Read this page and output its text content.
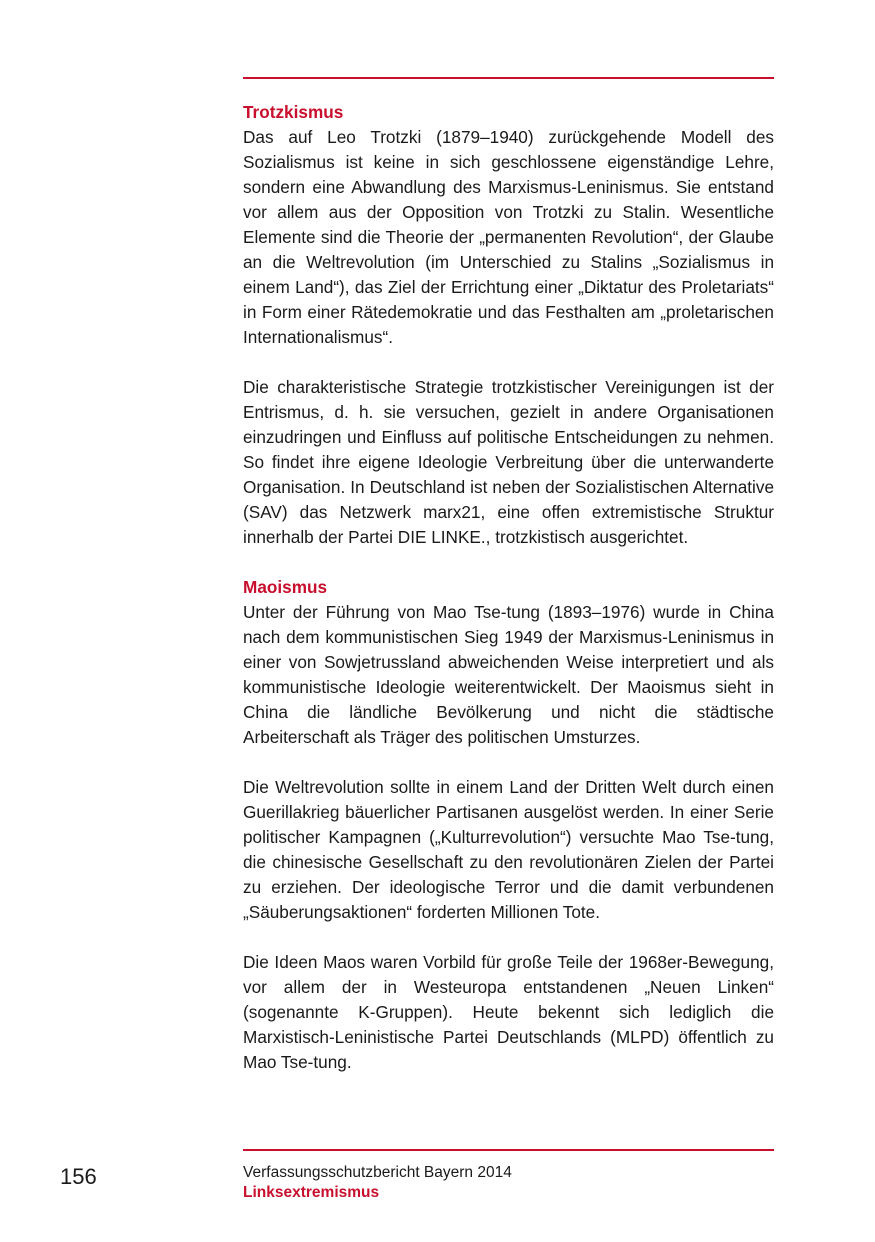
Trotzkismus

Das auf Leo Trotzki (1879–1940) zurückgehende Modell des Sozialismus ist keine in sich geschlossene eigenständige Lehre, sondern eine Abwandlung des Marxismus-Leninismus. Sie entstand vor allem aus der Opposition von Trotzki zu Stalin. Wesentliche Elemente sind die Theorie der „permanenten Revolution“, der Glaube an die Weltrevolution (im Unterschied zu Stalins „Sozialismus in einem Land“), das Ziel der Errichtung einer „Diktatur des Proletariats“ in Form einer Rätedemokratie und das Festhalten am „proletarischen Internationalismus“.

Die charakteristische Strategie trotzkistischer Vereinigungen ist der Entrismus, d. h. sie versuchen, gezielt in andere Organisationen einzudringen und Einfluss auf politische Entscheidungen zu nehmen. So findet ihre eigene Ideologie Verbreitung über die unterwanderte Organisation. In Deutschland ist neben der Sozialistischen Alternative (SAV) das Netzwerk marx21, eine offen extremistische Struktur innerhalb der Partei DIE LINKE., trotzkistisch ausgerichtet.

Maoismus

Unter der Führung von Mao Tse-tung (1893–1976) wurde in China nach dem kommunistischen Sieg 1949 der Marxismus-Leninismus in einer von Sowjetrussland abweichenden Weise interpretiert und als kommunistische Ideologie weiterentwickelt. Der Maoismus sieht in China die ländliche Bevölkerung und nicht die städtische Arbeiterschaft als Träger des politischen Umsturzes.

Die Weltrevolution sollte in einem Land der Dritten Welt durch einen Guerillakrieg bäuerlicher Partisanen ausgelöst werden. In einer Serie politischer Kampagnen („Kulturrevolution“) versuchte Mao Tse-tung, die chinesische Gesellschaft zu den revolutionären Zielen der Partei zu erziehen. Der ideologische Terror und die damit verbundenen „Säuberungsaktionen“ forderten Millionen Tote.

Die Ideen Maos waren Vorbild für große Teile der 1968er-Bewegung, vor allem der in Westeuropa entstandenen „Neuen Linken“ (sogenannte K-Gruppen). Heute bekennt sich lediglich die Marxistisch-Leninistische Partei Deutschlands (MLPD) öffentlich zu Mao Tse-tung.

156	Verfassungsschutzbericht Bayern 2014
Linksextremismus
